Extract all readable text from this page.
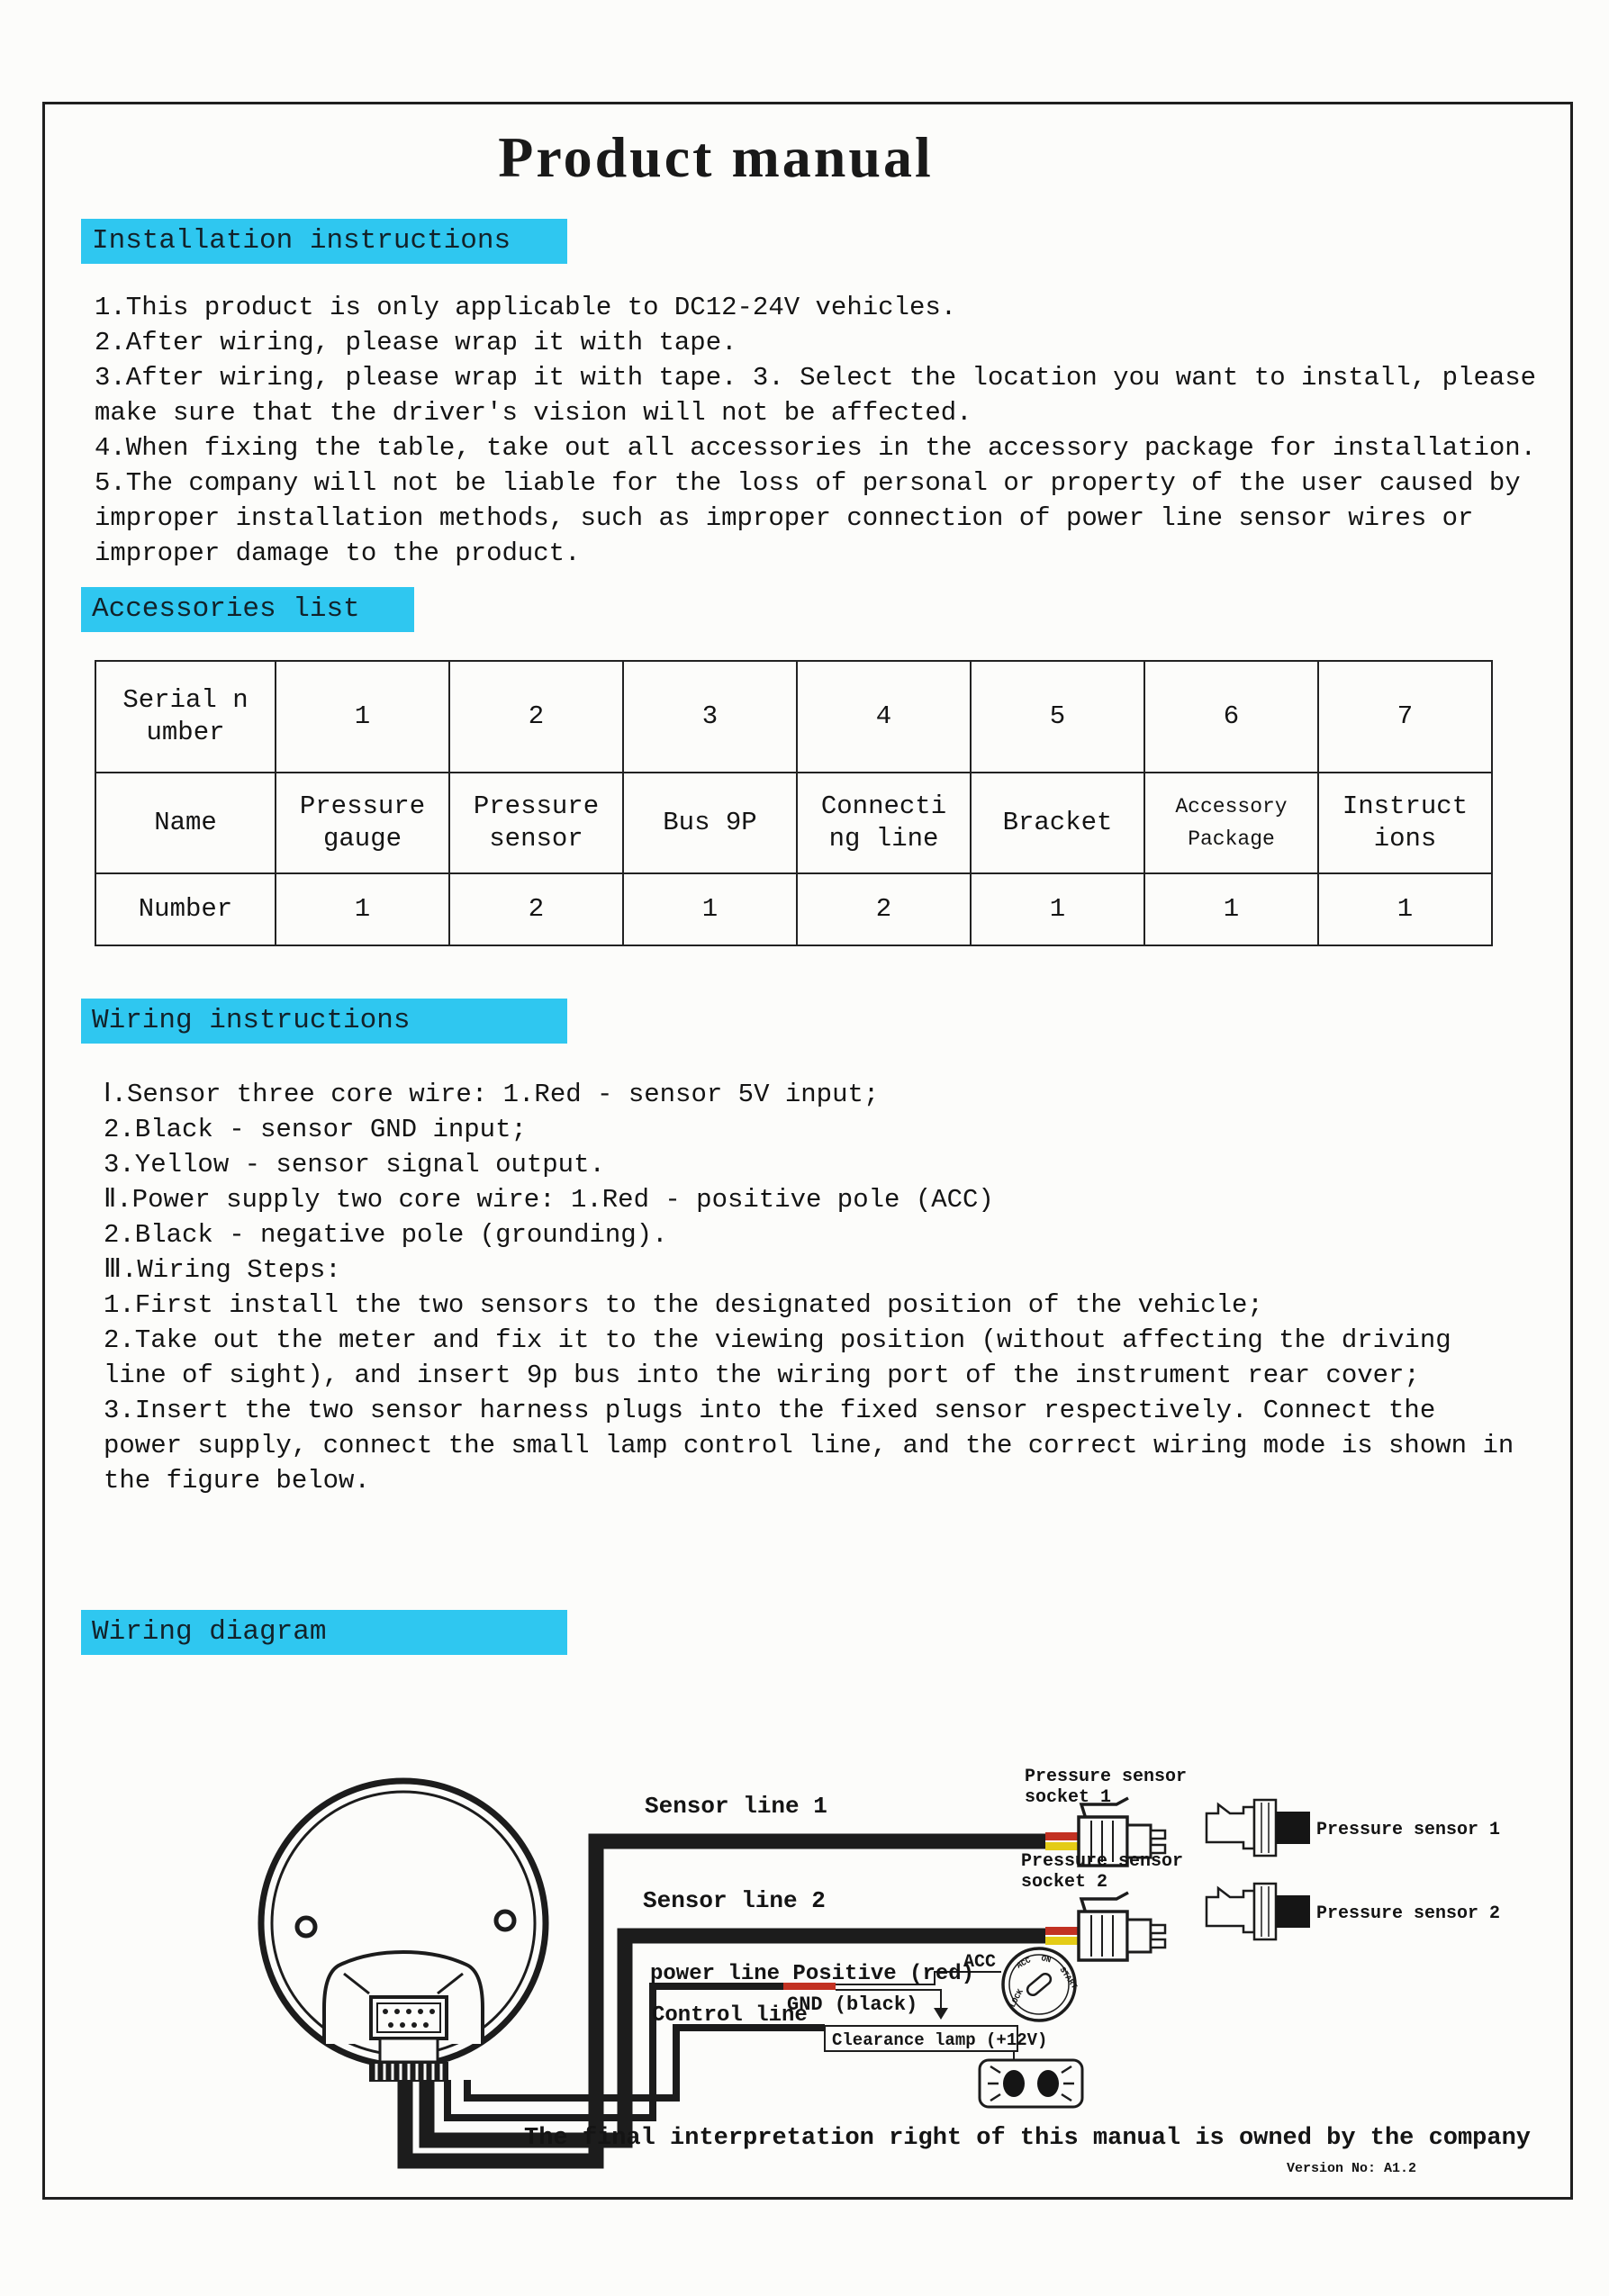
Product manual
Installation instructions

1.This product is only applicable to DC12-24V vehicles.

2.After wiring, please wrap it with tape.

3.After wiring, please wrap it with tape. 3. Select the location you want to install, please make sure that the driver's vision will not be affected.

4.When fixing the table, take out all accessories in the accessory package for installation.

5.The company will not be liable for the loss of personal or property of the user caused by improper installation methods, such as improper connection of power line sensor wires or improper damage to the product.

Accessories list
Serial number	1	2	3	4	5	6	7
Name	Pressure gauge	Pressure sensor	Bus 9P	Connecting line	Bracket	Accessory Package	Instructions
Number	1	2	1	2	1	1	1
Wiring instructions
Ⅰ.Sensor three core wire: 1.Red - sensor 5V input;
2.Black - sensor GND input;
3.Yellow - sensor signal output.
Ⅱ.Power supply two core wire: 1.Red - positive pole (ACC)
2.Black - negative pole (grounding).
Ⅲ.Wiring Steps:
1.First install the two sensors to the designated position of the vehicle;
2.Take out the meter and fix it to the viewing position (without affecting the driving
line of sight), and insert 9p bus into the wiring port of the instrument rear cover;
3.Insert the two sensor harness plugs into the fixed sensor respectively. Connect the
power supply, connect the small lamp control line, and the correct wiring mode is shown in
the figure below.
Wiring diagram
LOCK
ACC ON
START
Sensor line 1
Sensor line 2
Pressure sensor
socket 1
Pressure sensor
socket 2
Pressure sensor 1
Pressure sensor 2
power line Positive (red)
GND (black)
Control line
ACC
Clearance lamp (+12V)
The final interpretation right of this manual is owned by the company
Version No: A1.2
